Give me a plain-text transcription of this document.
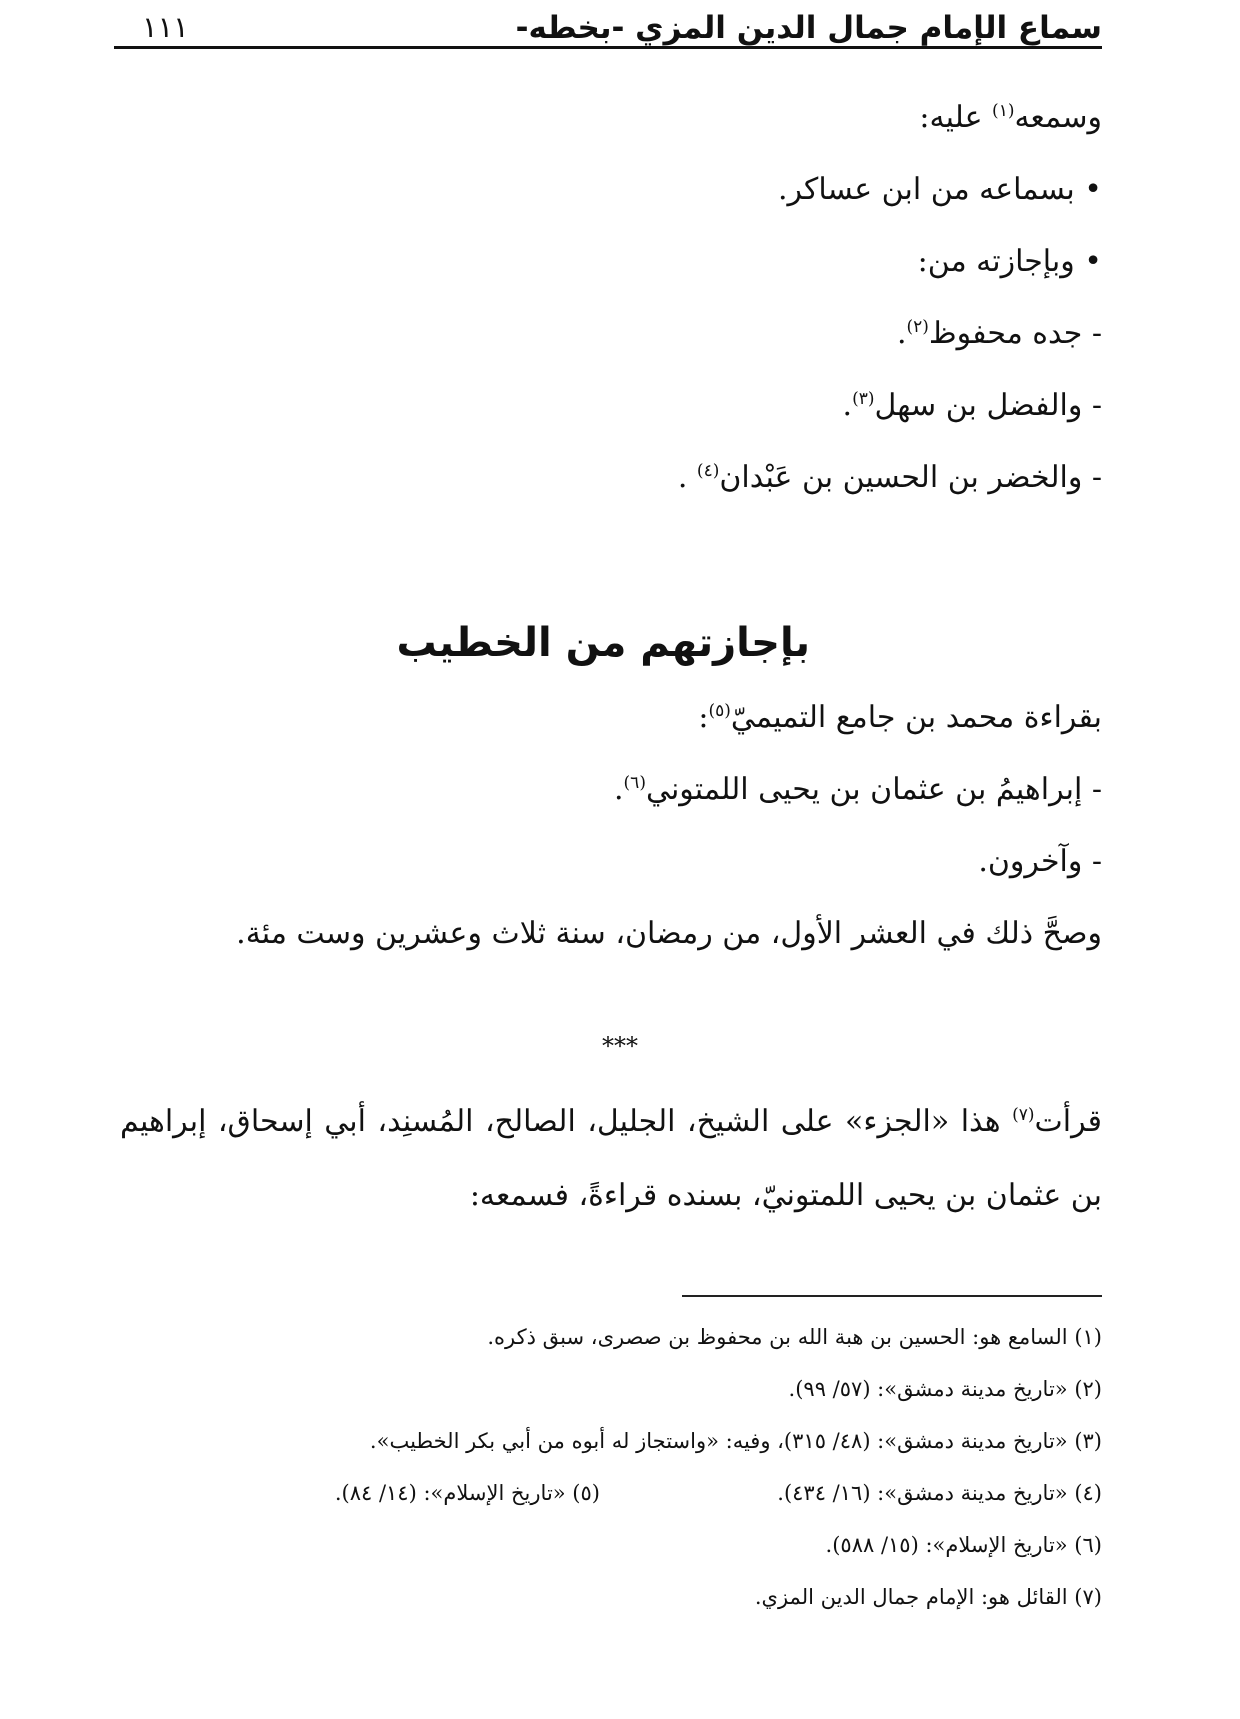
سماع الإمام جمال الدين المزي -بخطه-
١١١
وسمعه$^{(١)}$ عليه:
• بسماعه من ابن عساكر.
• وبإجازته من:
- جده محفوظ$^{(٢)}$.
- والفضل بن سهل$^{(٣)}$.
- والخضر بن الحسين بن عَبْدان$^{(٤)}$ .
بإجازتهم من الخطيب
بقراءة محمد بن جامع التميميّ$^{(٥)}$:
- إبراهيمُ بن عثمان بن يحيى اللمتوني$^{(٦)}$.
- وآخرون.
وصحَّ ذلك في العشر الأول، من رمضان، سنة ثلاث وعشرين وست مئة.
***
قرأت$^{(٧)}$ هذا «الجزء» على الشيخ، الجليل، الصالح، المُسنِد، أبي إسحاق، إبراهيم بن عثمان بن يحيى اللمتونيّ، بسنده قراءةً، فسمعه:
(١) السامع هو: الحسين بن هبة الله بن محفوظ بن صصرى، سبق ذكره.
(٢) «تاريخ مدينة دمشق»: (٥٧/ ٩٩).
(٣) «تاريخ مدينة دمشق»: (٤٨/ ٣١٥)، وفيه: «واستجاز له أبوه من أبي بكر الخطيب».
(٤) «تاريخ مدينة دمشق»: (١٦/ ٤٣٤).
(٥) «تاريخ الإسلام»: (١٤/ ٨٤).
(٦) «تاريخ الإسلام»: (١٥/ ٥٨٨).
(٧) القائل هو: الإمام جمال الدين المزي.
